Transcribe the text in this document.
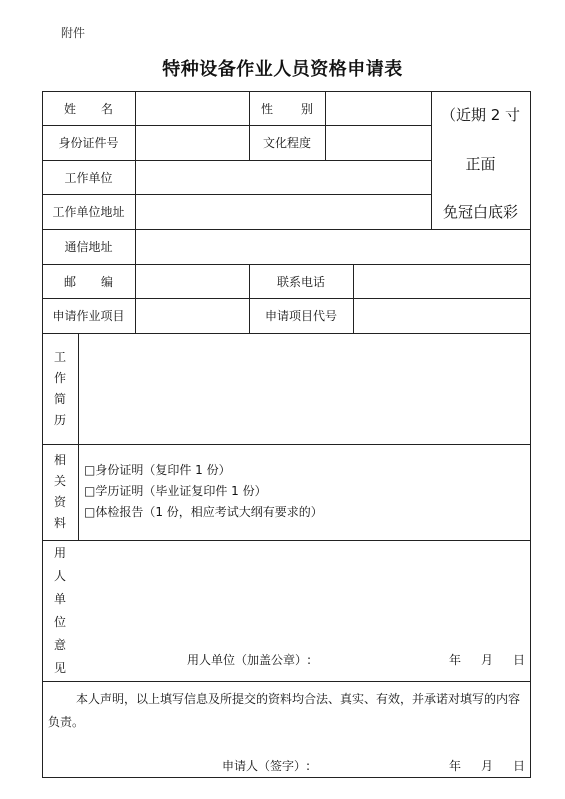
附件
特种设备作业人员资格申请表
姓 名	性 别
身份证件号	文化程度
工作单位
工作单位地址
通信地址
邮 编	联系电话
申请作业项目	申请项目代号
（近期 2 寸
正面
免冠白底彩
工
作
简
历
相
关
资
料
□身份证明（复印件 1 份）
□学历证明（毕业证复印件 1 份）
□体检报告（1 份，相应考试大纲有要求的）
用
人
单
位
意
见
用人单位（加盖公章）:	年 月 日
本人声明，以上填写信息及所提交的资料均合法、真实、有效，并承诺对填写的内容负责。
申请人（签字）:	年 月 日
